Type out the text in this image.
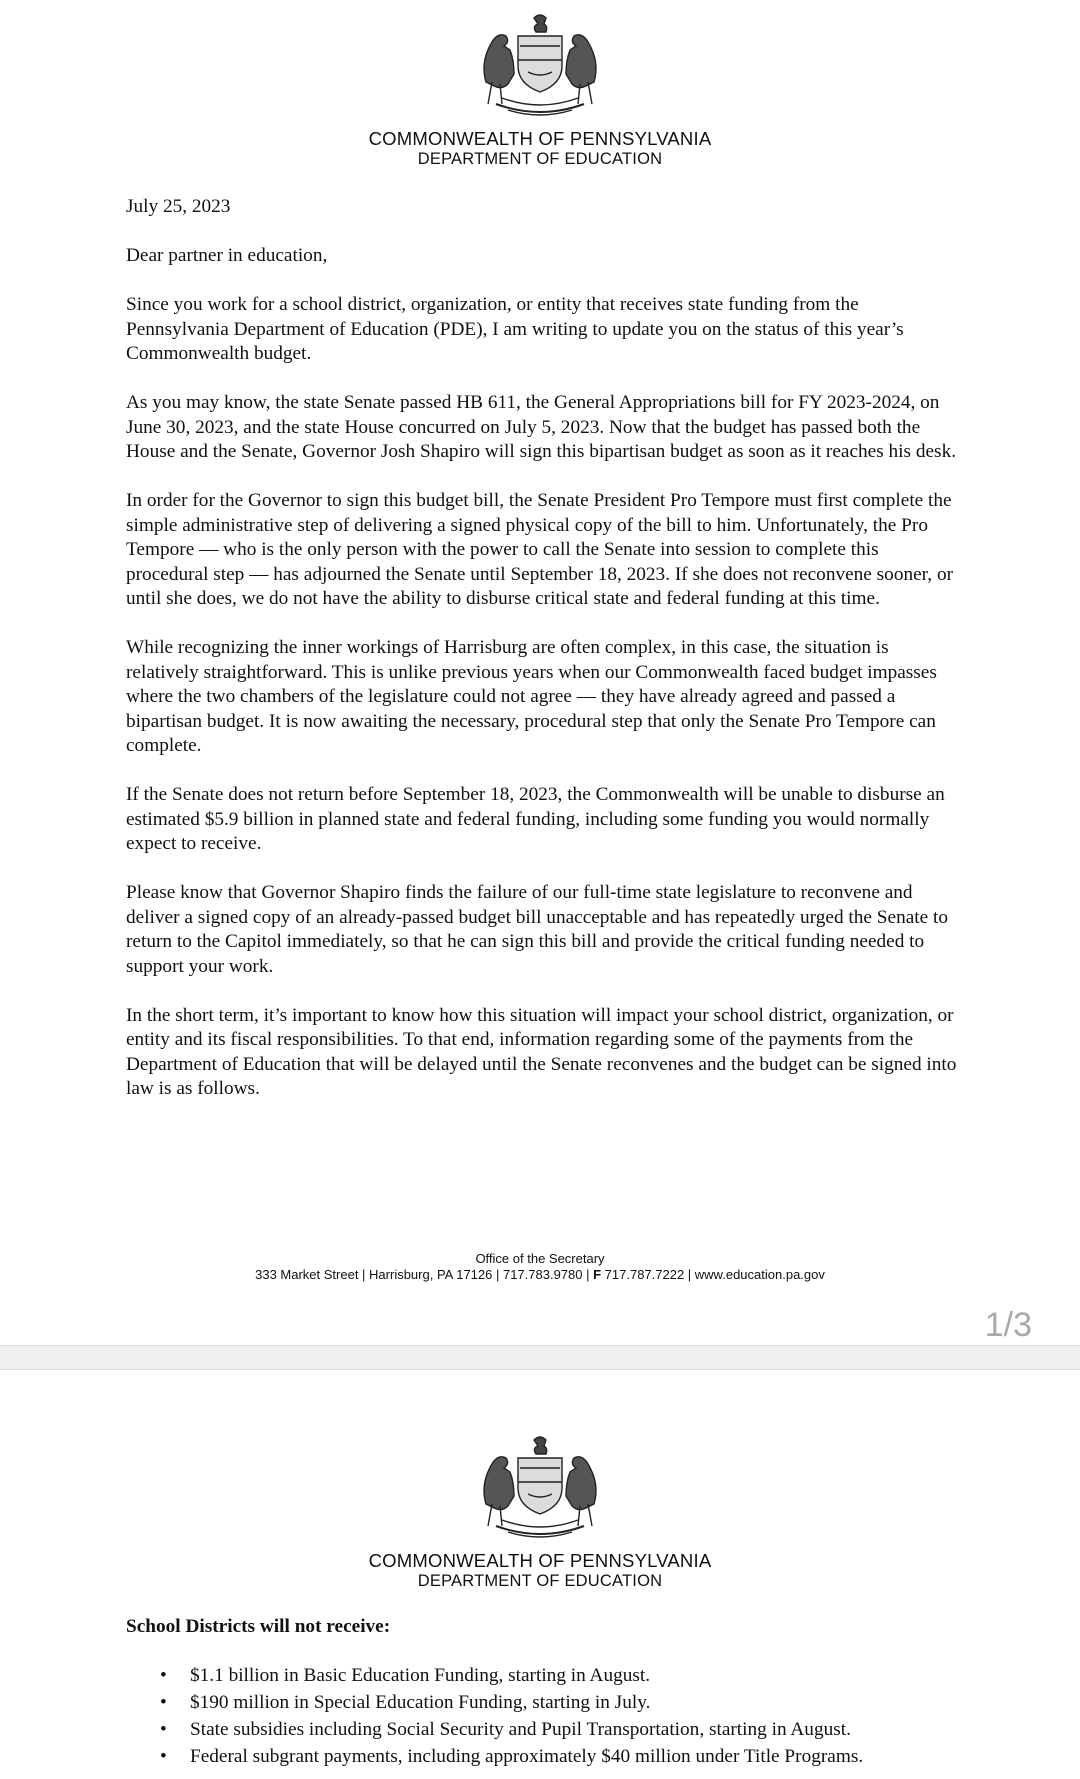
COMMONWEALTH OF PENNSYLVANIA
DEPARTMENT OF EDUCATION

July 25, 2023

Dear partner in education,

Since you work for a school district, organization, or entity that receives state funding from the Pennsylvania Department of Education (PDE), I am writing to update you on the status of this year’s Commonwealth budget.

As you may know, the state Senate passed HB 611, the General Appropriations bill for FY 2023-2024, on June 30, 2023, and the state House concurred on July 5, 2023. Now that the budget has passed both the House and the Senate, Governor Josh Shapiro will sign this bipartisan budget as soon as it reaches his desk.

In order for the Governor to sign this budget bill, the Senate President Pro Tempore must first complete the simple administrative step of delivering a signed physical copy of the bill to him. Unfortunately, the Pro Tempore — who is the only person with the power to call the Senate into session to complete this procedural step — has adjourned the Senate until September 18, 2023. If she does not reconvene sooner, or until she does, we do not have the ability to disburse critical state and federal funding at this time.

While recognizing the inner workings of Harrisburg are often complex, in this case, the situation is relatively straightforward. This is unlike previous years when our Commonwealth faced budget impasses where the two chambers of the legislature could not agree — they have already agreed and passed a bipartisan budget. It is now awaiting the necessary, procedural step that only the Senate Pro Tempore can complete.

If the Senate does not return before September 18, 2023, the Commonwealth will be unable to disburse an estimated $5.9 billion in planned state and federal funding, including some funding you would normally expect to receive.

Please know that Governor Shapiro finds the failure of our full-time state legislature to reconvene and deliver a signed copy of an already-passed budget bill unacceptable and has repeatedly urged the Senate to return to the Capitol immediately, so that he can sign this bill and provide the critical funding needed to support your work.

In the short term, it’s important to know how this situation will impact your school district, organization, or entity and its fiscal responsibilities. To that end, information regarding some of the payments from the Department of Education that will be delayed until the Senate reconvenes and the budget can be signed into law is as follows.

Office of the Secretary
333 Market Street | Harrisburg, PA 17126 | 717.783.9780 | F 717.787.7222 | www.education.pa.gov
1/3
COMMONWEALTH OF PENNSYLVANIA
DEPARTMENT OF EDUCATION
School Districts will not receive:
• $1.1 billion in Basic Education Funding, starting in August.
• $190 million in Special Education Funding, starting in July.
• State subsidies including Social Security and Pupil Transportation, starting in August.
• Federal subgrant payments, including approximately $40 million under Title Programs.
